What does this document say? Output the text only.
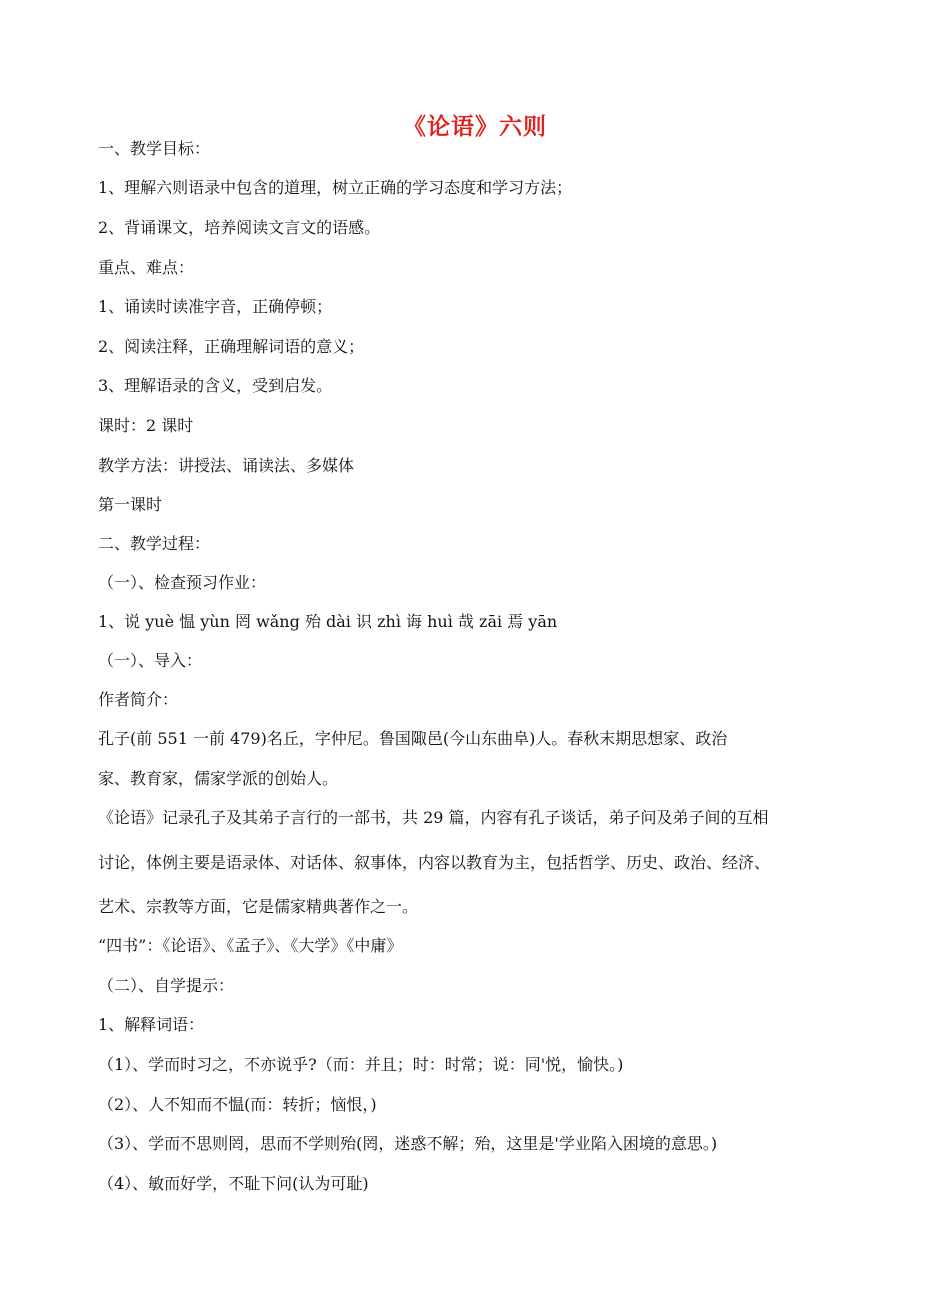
《论语》六则

一、教学目标：

1、理解六则语录中包含的道理，树立正确的学习态度和学习方法；

2、背诵课文，培养阅读文言文的语感。

重点、难点：

1、诵读时读准字音，正确停顿；

2、阅读注释，正确理解词语的意义；

3、理解语录的含义，受到启发。

课时：2 课时

教学方法：讲授法、诵读法、多媒体

第一课时

二、教学过程：

（一）、检查预习作业：

1、说 yuè 愠 yùn 罔 wǎng 殆 dài 识 zhì 诲 huì 哉 zāi 焉 yān

（一）、导入：

作者简介：

孔子(前 551 一前 479)名丘，字仲尼。鲁国陬邑(今山东曲阜)人。春秋末期思想家、政治

家、教育家，儒家学派的创始人。

《论语》记录孔子及其弟子言行的一部书，共 29 篇，内容有孔子谈话，弟子问及弟子间的互相

讨论，体例主要是语录体、对话体、叙事体，内容以教育为主，包括哲学、历史、政治、经济、

艺术、宗教等方面，它是儒家精典著作之一。

“四书”：《论语》、《孟子》、《大学》《中庸》

（二）、自学提示：

1、解释词语：

（1）、学而时习之，不亦说乎?（而：并且；时：时常；说：同'悦，愉快。)

（2）、人不知而不愠(而：转折；恼恨，)

（3）、学而不思则罔，思而不学则殆(罔，迷惑不解；殆，这里是'学业陷入困境的意思。)

（4）、敏而好学，不耻下问(认为可耻)
